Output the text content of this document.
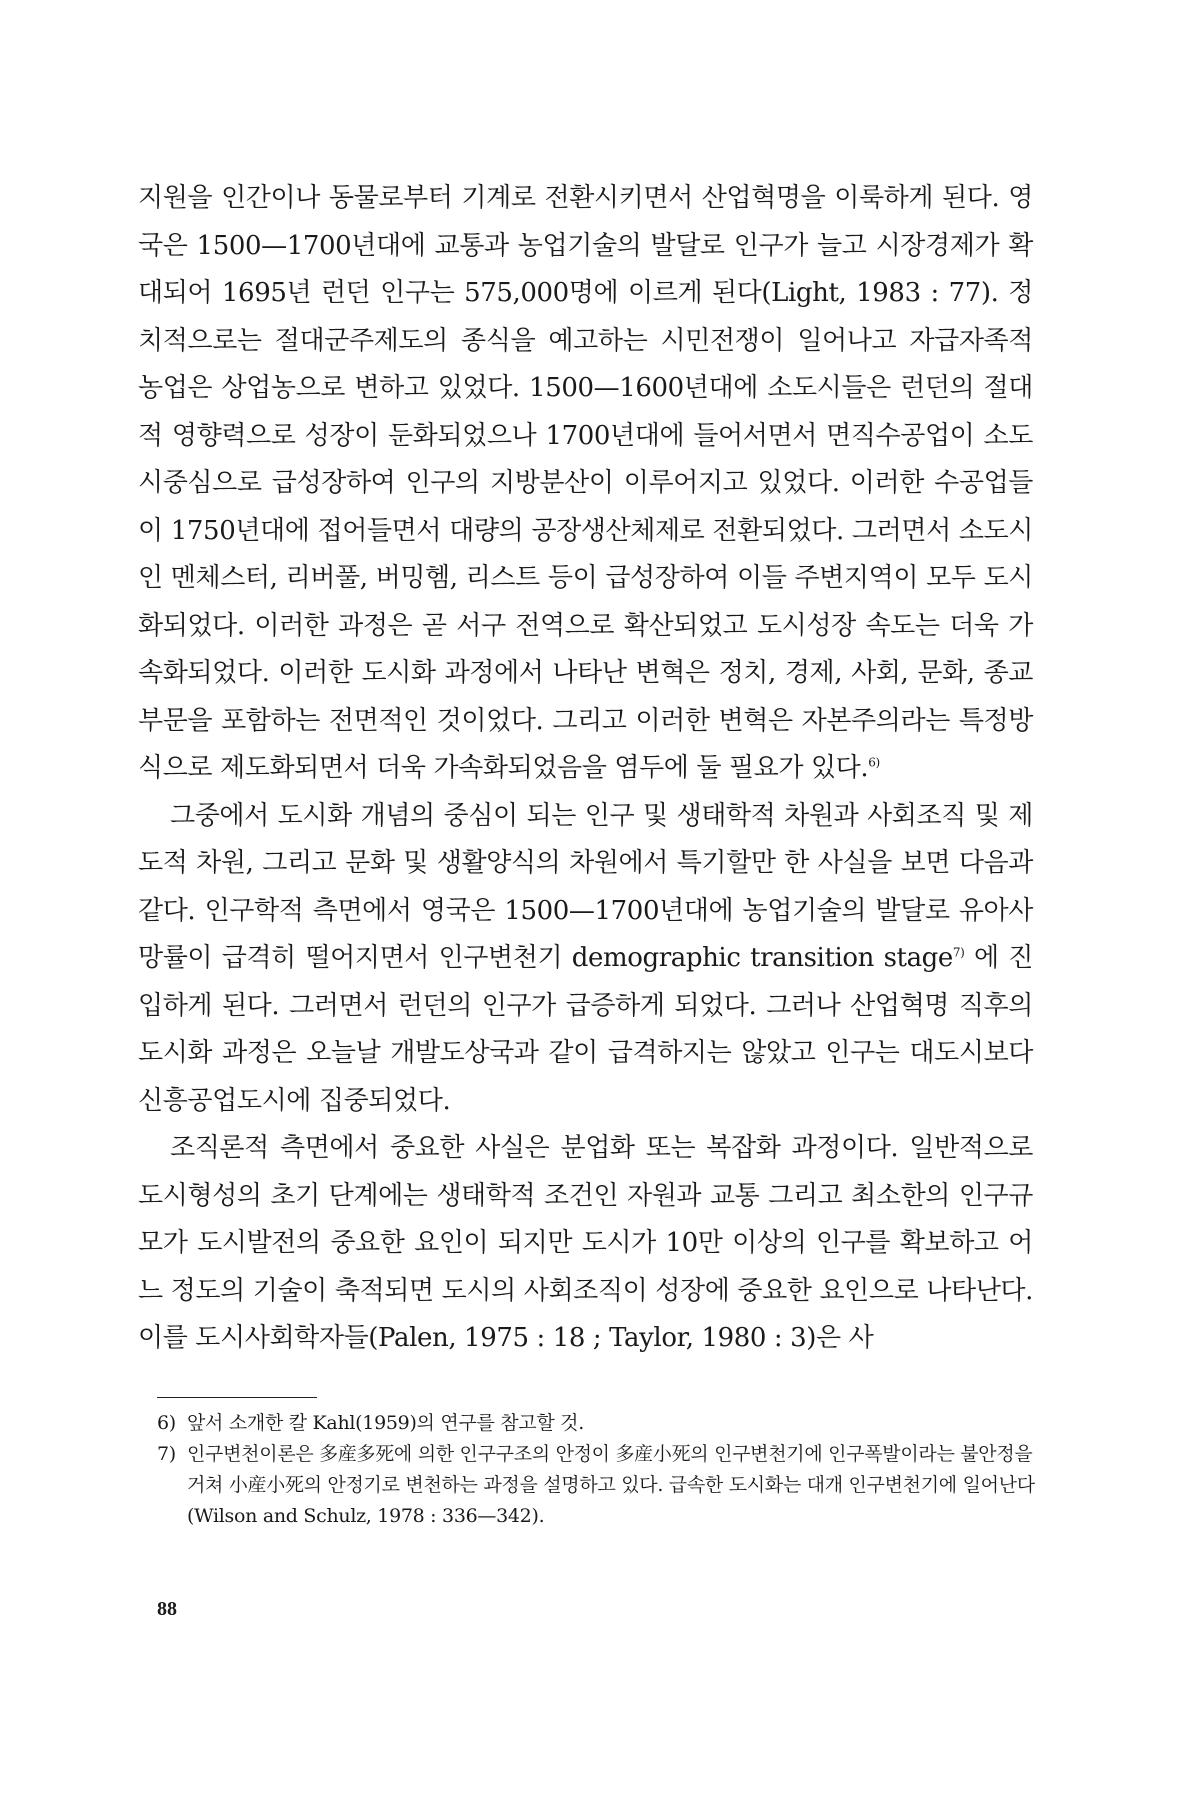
지원을 인간이나 동물로부터 기계로 전환시키면서 산업혁명을 이룩하게 된다. 영국은 1500—1700년대에 교통과 농업기술의 발달로 인구가 늘고 시장경제가 확대되어 1695년 런던 인구는 575,000명에 이르게 된다(Light, 1983 : 77). 정치적으로는 절대군주제도의 종식을 예고하는 시민전쟁이 일어나고 자급자족적 농업은 상업농으로 변하고 있었다. 1500—1600년대에 소도시들은 런던의 절대적 영향력으로 성장이 둔화되었으나 1700년대에 들어서면서 면직수공업이 소도시중심으로 급성장하여 인구의 지방분산이 이루어지고 있었다. 이러한 수공업들이 1750년대에 접어들면서 대량의 공장생산체제로 전환되었다. 그러면서 소도시인 멘체스터, 리버풀, 버밍헴, 리스트 등이 급성장하여 이들 주변지역이 모두 도시화되었다. 이러한 과정은 곧 서구 전역으로 확산되었고 도시성장 속도는 더욱 가속화되었다. 이러한 도시화 과정에서 나타난 변혁은 정치, 경제, 사회, 문화, 종교부문을 포함하는 전면적인 것이었다. 그리고 이러한 변혁은 자본주의라는 특정방식으로 제도화되면서 더욱 가속화되었음을 염두에 둘 필요가 있다.$^{6)}$

그중에서 도시화 개념의 중심이 되는 인구 및 생태학적 차원과 사회조직 및 제도적 차원, 그리고 문화 및 생활양식의 차원에서 특기할만 한 사실을 보면 다음과 같다. 인구학적 측면에서 영국은 1500—1700년대에 농업기술의 발달로 유아사망률이 급격히 떨어지면서 인구변천기 demographic transition stage$^{7)}$ 에 진입하게 된다. 그러면서 런던의 인구가 급증하게 되었다. 그러나 산업혁명 직후의 도시화 과정은 오늘날 개발도상국과 같이 급격하지는 않았고 인구는 대도시보다 신흥공업도시에 집중되었다.

조직론적 측면에서 중요한 사실은 분업화 또는 복잡화 과정이다. 일반적으로 도시형성의 초기 단계에는 생태학적 조건인 자원과 교통 그리고 최소한의 인구규모가 도시발전의 중요한 요인이 되지만 도시가 10만 이상의 인구를 확보하고 어느 정도의 기술이 축적되면 도시의 사회조직이 성장에 중요한 요인으로 나타난다. 이를 도시사회학자들(Palen, 1975 : 18 ; Taylor, 1980 : 3)은 사

6) 앞서 소개한 칼 Kahl(1959)의 연구를 참고할 것.
7) 인구변천이론은 多産多死에 의한 인구구조의 안정이 多産小死의 인구변천기에 인구폭발이라는 불안정을 거쳐 小産小死의 안정기로 변천하는 과정을 설명하고 있다. 급속한 도시화는 대개 인구변천기에 일어난다(Wilson and Schulz, 1978 : 336—342).
88
